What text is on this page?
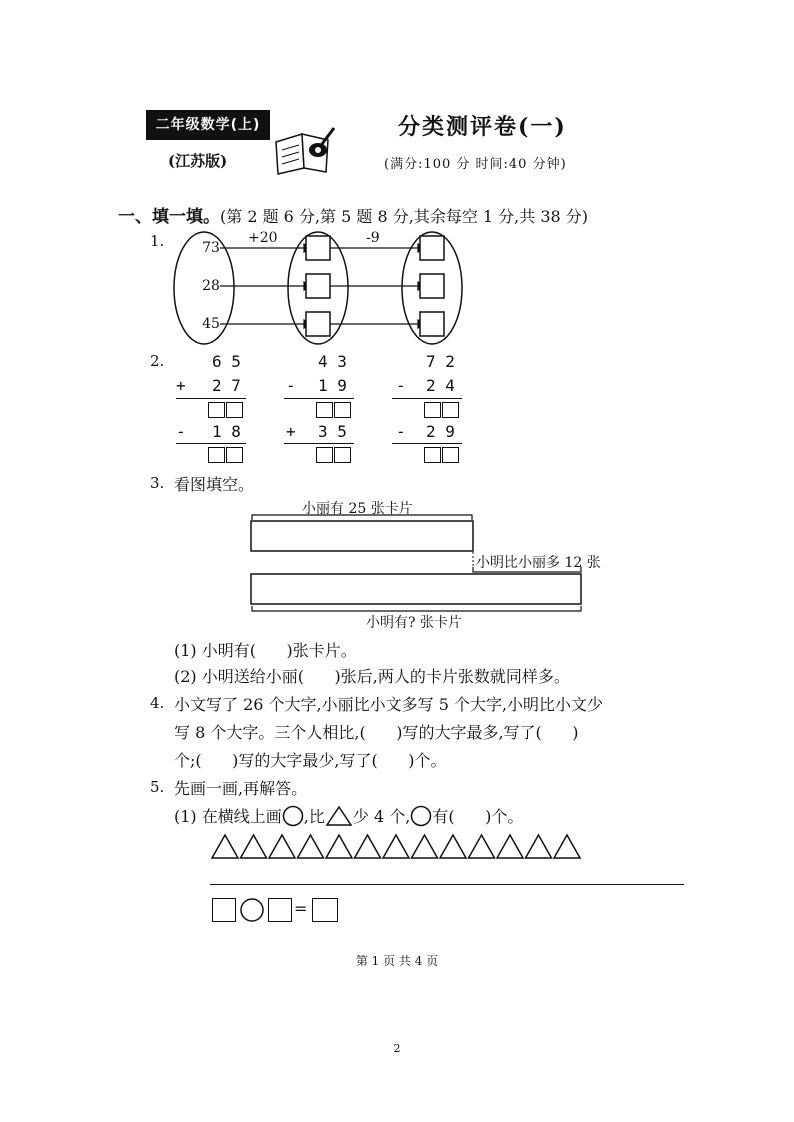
二年级数学(上)
(江苏版)
分类测评卷(一)
(满分:100 分 时间:40 分钟)
一、填一填。(第 2 题 6 分,第 5 题 8 分,其余每空 1 分,共 38 分)
1.	73
28
45
+20	-9
2.	6 5
+ 2 7
- 1 8
4 3
- 1 9
+ 3 5
7 2
- 2 4
- 2 9
3. 看图填空。
小丽有 25 张卡片
小明比小丽多 12 张
小明有? 张卡片
(1) 小明有(      )张卡片。
(2) 小明送给小丽(      )张后,两人的卡片张数就同样多。
4. 小文写了 26 个大字,小丽比小文多写 5 个大字,小明比小文少
写 8 个大字。三个人相比,(      )写的大字最多,写了(      )
个;(      )写的大字最少,写了(      )个。
5. 先画一画,再解答。
(1) 在横线上画 ,比 少 4 个, 有(      )个。
=
第 1 页 共 4 页
2
